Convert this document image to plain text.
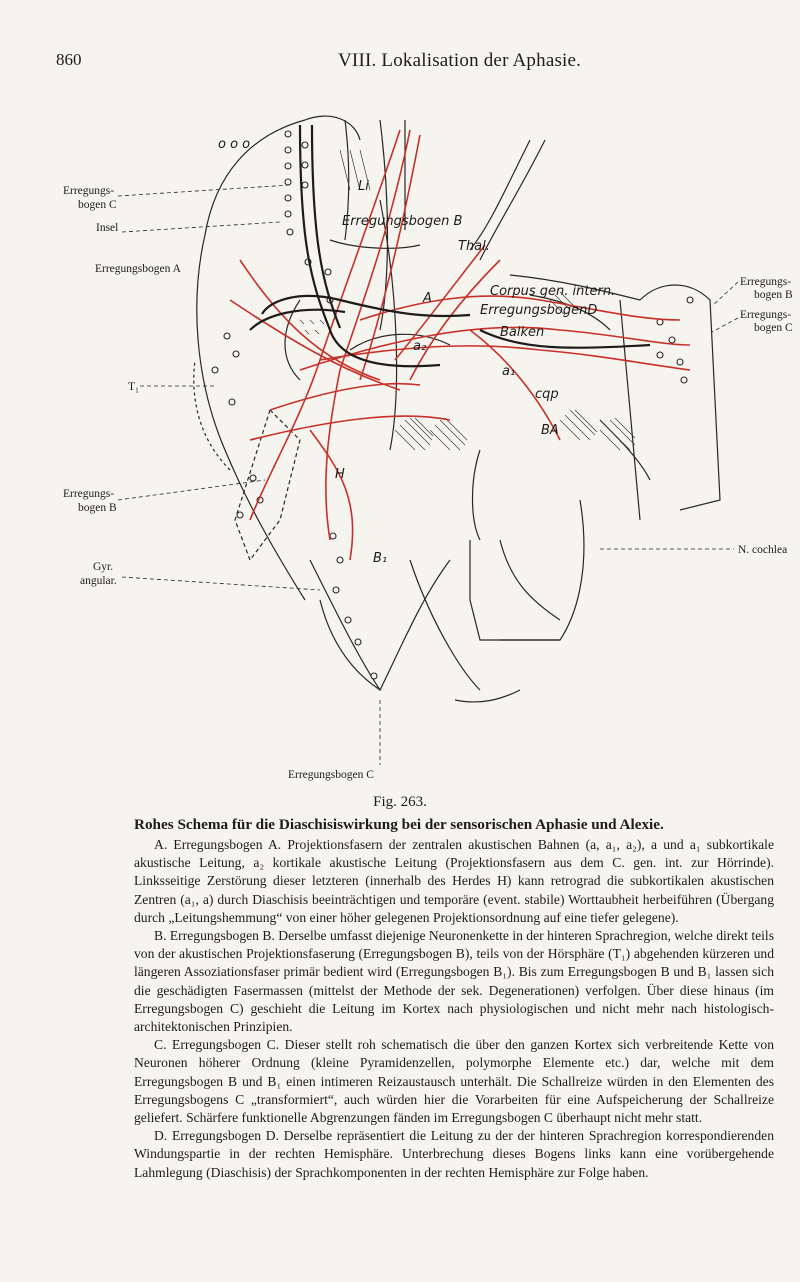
860	VIII. Lokalisation der Aphasie.
o o o
Erregungs-
bogen C
Insel
Erregungsbogen A
T₁
Erregungs-
bogen B
Gyr.
angular.
Erregungs-
bogen B
Erregungs-
bogen C
N. cochlea
Erregungsbogen C
Li
Erregungsbogen B
Thal.
A	Corpus gen. intern.
ErregungsbogenD
Balken
a₂
a₁
cqp
BA
H
B₁
Fig. 263.
Rohes Schema für die Diaschisiswirkung bei der sensorischen Aphasie und Alexie.

A. Erregungsbogen A. Projektionsfasern der zentralen akustischen Bahnen (a, a₁, a₂), a und a₁ subkortikale akustische Leitung, a₂ kortikale akustische Leitung (Projektionsfasern aus dem C. gen. int. zur Hörrinde). Linksseitige Zerstörung dieser letzteren (innerhalb des Herdes H) kann retrograd die subkortikalen akustischen Zentren (a₁, a) durch Diaschisis beeinträchtigen und temporäre (event. stabile) Worttaubheit herbeiführen (Übergang durch „Leitungshemmung“ von einer höher gelegenen Projektionsordnung auf eine tiefer gelegene).

B. Erregungsbogen B. Derselbe umfasst diejenige Neuronenkette in der hinteren Sprachregion, welche direkt teils von der akustischen Projektionsfaserung (Erregungsbogen B), teils von der Hörsphäre (T₁) abgehenden kürzeren und längeren Assoziationsfaser primär bedient wird (Erregungsbogen B₁). Bis zum Erregungsbogen B und B₁ lassen sich die geschädigten Fasermassen (mittelst der Methode der sek. Degenerationen) verfolgen. Über diese hinaus (im Erregungsbogen C) geschieht die Leitung im Kortex nach physiologischen und nicht mehr nach histologisch-architektonischen Prinzipien.

C. Erregungsbogen C. Dieser stellt roh schematisch die über den ganzen Kortex sich verbreitende Kette von Neuronen höherer Ordnung (kleine Pyramidenzellen, polymorphe Elemente etc.) dar, welche mit dem Erregungsbogen B und B₁ einen intimeren Reizaustausch unterhält. Die Schallreize würden in den Elementen des Erregungsbogens C „transformiert“, auch würden hier die Vorarbeiten für eine Aufspeicherung der Schallreize geliefert. Schärfere funktionelle Abgrenzungen fänden im Erregungsbogen C überhaupt nicht mehr statt.

D. Erregungsbogen D. Derselbe repräsentiert die Leitung zu der der hinteren Sprachregion korrespondierenden Windungspartie in der rechten Hemisphäre. Unterbrechung dieses Bogens links kann eine vorübergehende Lahmlegung (Diaschisis) der Sprachkomponenten in der rechten Hemisphäre zur Folge haben.
